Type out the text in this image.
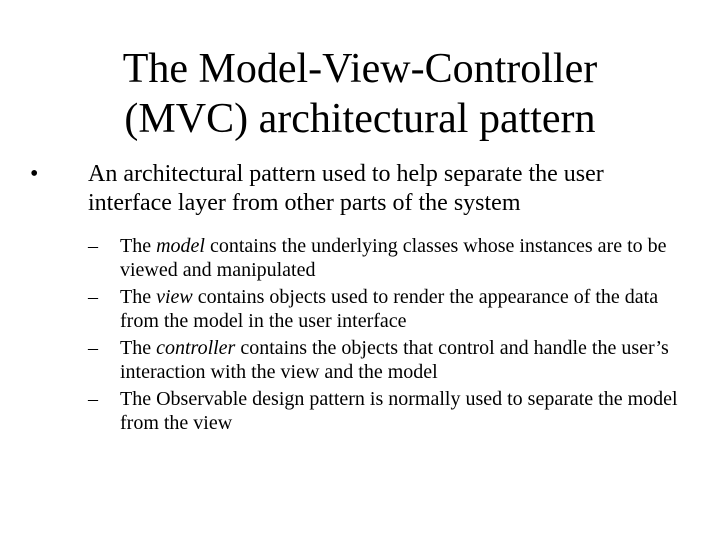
The Model-View-Controller
(MVC) architectural pattern
• An architectural pattern used to help separate the user interface layer from other parts of the system
– The model contains the underlying classes whose instances are to be viewed and manipulated
– The view contains objects used to render the appearance of the data from the model in the user interface
– The controller contains the objects that control and handle the user’s interaction with the view and the model
– The Observable design pattern is normally used to separate the model from the view
